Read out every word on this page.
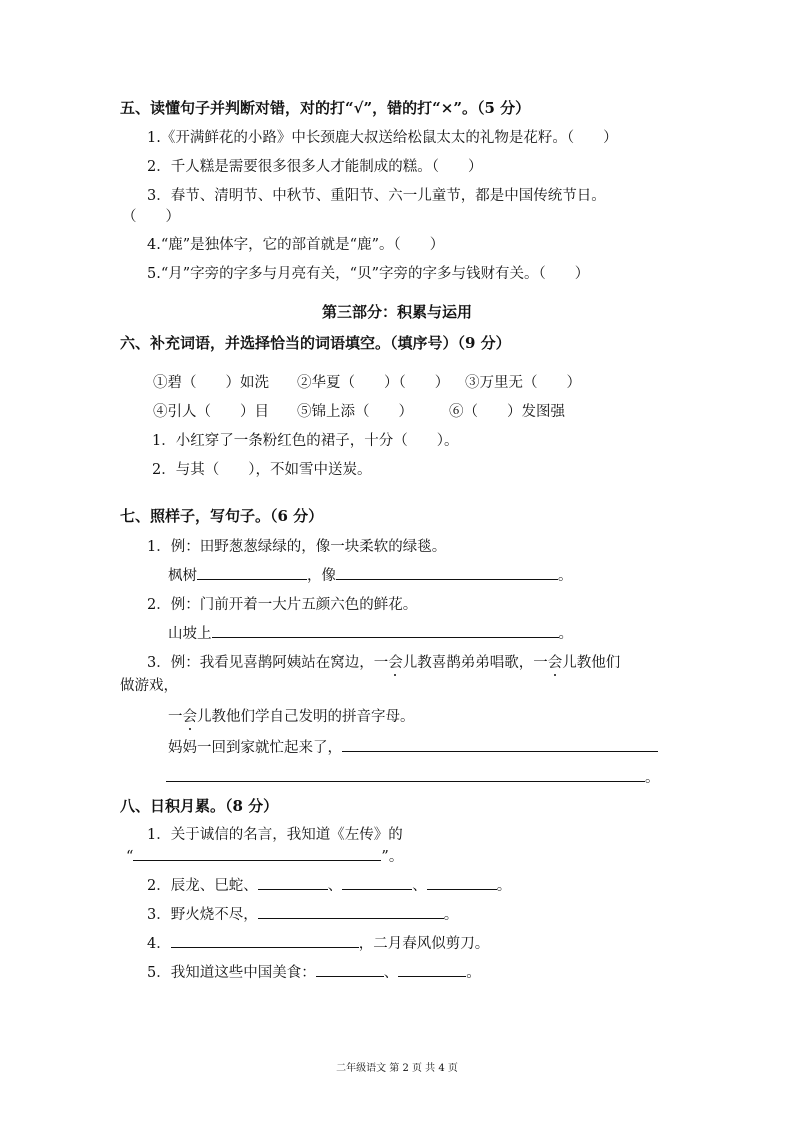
五、读懂句子并判断对错，对的打“√”，错的打“×”。（5 分）
1.《开满鲜花的小路》中长颈鹿大叔送给松鼠太太的礼物是花籽。（　　）
2．千人糕是需要很多很多人才能制成的糕。（　　）
3．春节、清明节、中秋节、重阳节、六一儿童节，都是中国传统节日。
（　　）
4.“鹿”是独体字，它的部首就是“鹿”。（　　）
5.“月”字旁的字多与月亮有关，“贝”字旁的字多与钱财有关。（　　）
第三部分：积累与运用
六、补充词语，并选择恰当的词语填空。（填序号）（9 分）
①碧（　　）如洗 ②华夏（　　）（　　） ③万里无（　　）
④引人（　　）目 ⑤锦上添（　　） ⑥（　　）发图强
1．小红穿了一条粉红色的裙子，十分（　　）。
2．与其（　　），不如雪中送炭。
七、照样子，写句子。（6 分）
1．例：田野葱葱绿绿的，像一块柔软的绿毯。
枫树	，像	。
2．例：门前开着一大片五颜六色的鲜花。
山坡上	。
3．例：我看见喜鹊阿姨站在窝边，一会儿教喜鹊弟弟唱歌，一会儿教他们
做游戏，
一会儿教他们学自己发明的拼音字母。
妈妈一回到家就忙起来了，
。
八、日积月累。（8 分）
1．关于诚信的名言，我知道《左传》的
“	”。
2．辰龙、巳蛇、	、	、	。
3．野火烧不尽，	。
4．	，二月春风似剪刀。
5．我知道这些中国美食：	、	。
二年级语文 第 2 页 共 4 页
